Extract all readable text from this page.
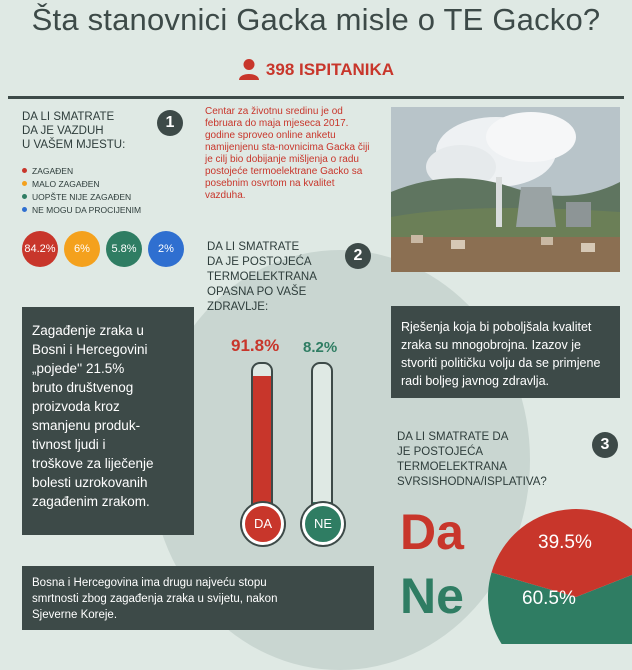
Šta stanovnici Gacka misle o TE Gacko?
398 ISPITANIKA
DA LI SMATRATE
DA JE VAZDUH
U VAŠEM MJESTU:
1
ZAGAĐEN
MALO ZAGAĐEN
UOPŠTE NIJE ZAGAĐEN
NE MOGU DA PROCIJENIM
84.2%	6%	5.8%	2%
Centar za životnu sredinu je od februara do maja mjeseca 2017. godine sproveo online anketu namijenjenu sta-novnicima Gacka čiji je cilj bio dobijanje mišljenja o radu postojeće termoelektrane Gacko sa posebnim osvrtom na kvalitet vazduha.
Zagađenje zraka u
Bosni i Hercegovini
„pojede'' 21.5%
bruto društvenog
proizvoda kroz
smanjenu produk-
tivnost ljudi i
troškove za liječenje
bolesti uzrokovanih
zagađenim zrakom.
DA LI SMATRATE
DA JE POSTOJEĆA
TERMOELEKTRANA
OPASNA PO VAŠE
ZDRAVLJE:
2
91.8% 8.2%
DA	NE
Rješenja koja bi poboljšala kvalitet zraka su mnogobrojna. Izazov je stvoriti političku volju da se primjene radi boljeg javnog zdravlja.
DA LI SMATRATE DA
JE POSTOJEĆA
TERMOELEKTRANA
SVRSISHODNA/ISPLATIVA?
3
Da
Ne
39.5%
60.5%
Bosna i Hercegovina ima drugu najveću stopu
smrtnosti zbog zagađenja zraka u svijetu, nakon
Sjeverne Koreje.
